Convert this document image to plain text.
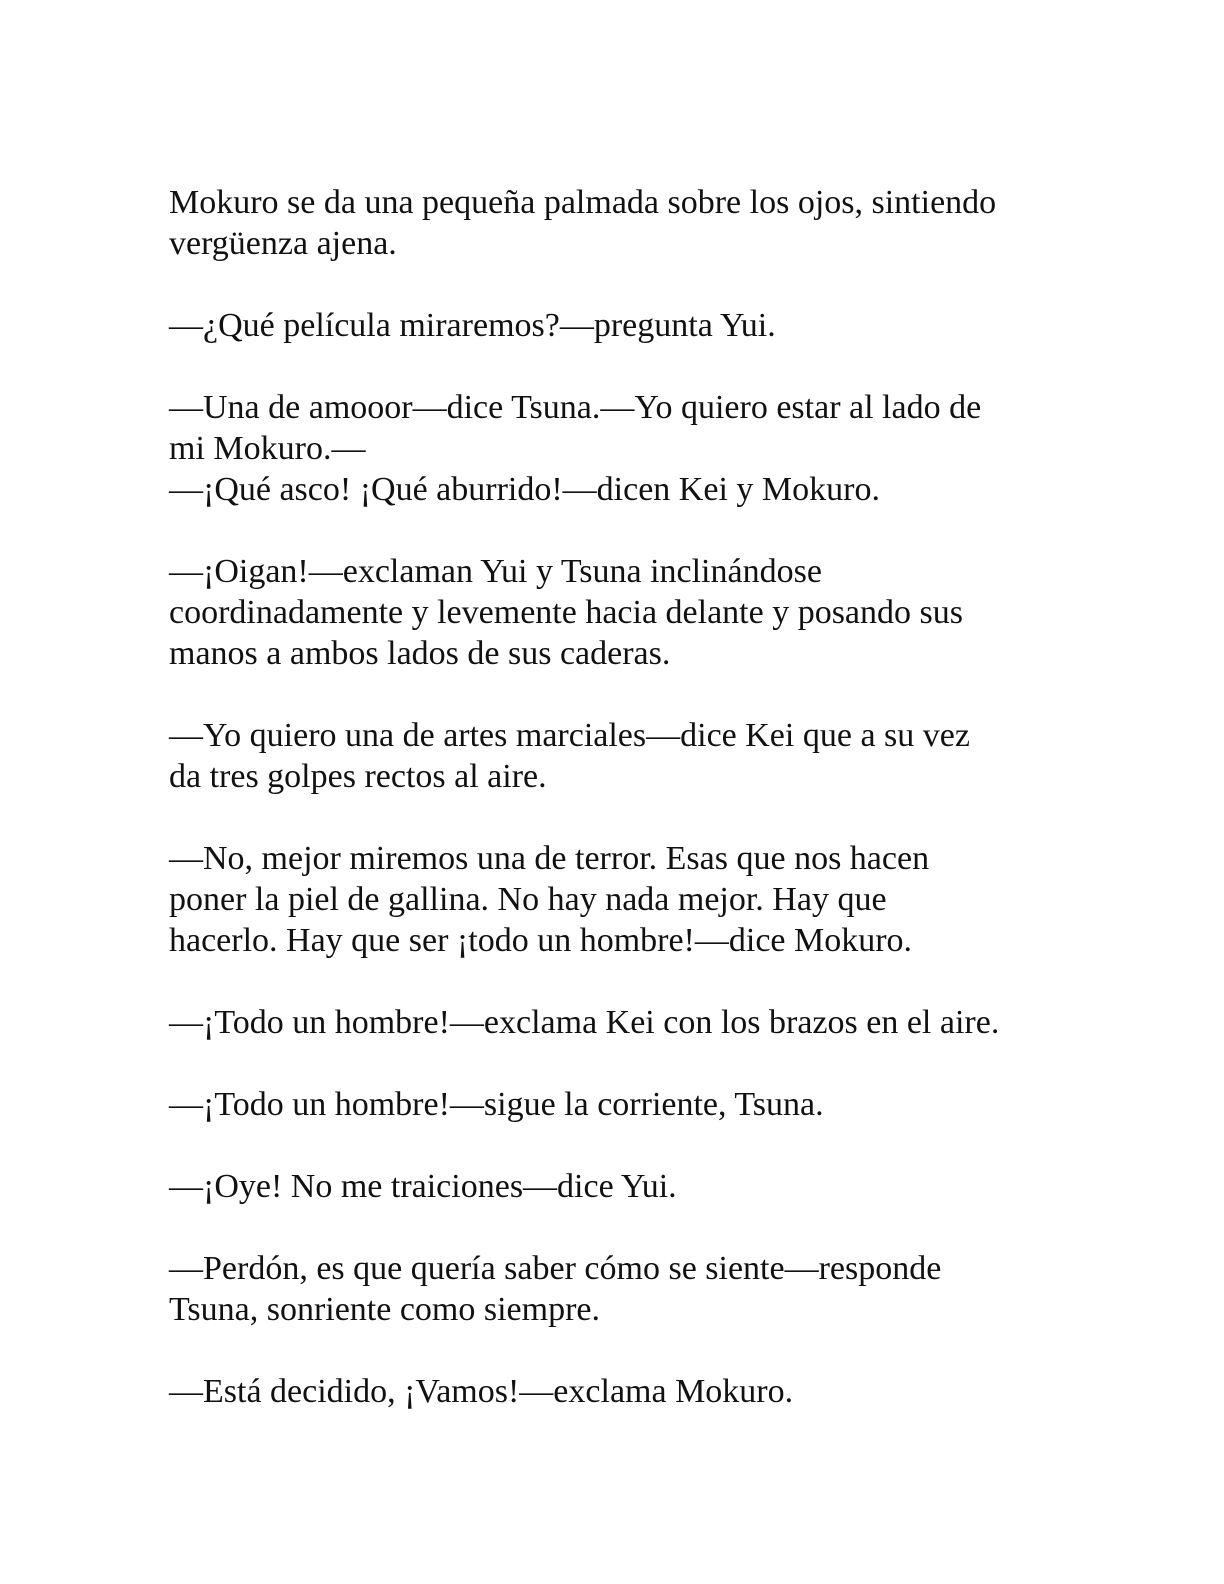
Mokuro se da una pequeña palmada sobre los ojos, sintiendo
vergüenza ajena.

—¿Qué película miraremos?—pregunta Yui.

—Una de amooor—dice Tsuna.—Yo quiero estar al lado de
mi Mokuro.—
—¡Qué asco! ¡Qué aburrido!—dicen Kei y Mokuro.

—¡Oigan!—exclaman Yui y Tsuna inclinándose
coordinadamente y levemente hacia delante y posando sus
manos a ambos lados de sus caderas.

—Yo quiero una de artes marciales—dice Kei que a su vez
da tres golpes rectos al aire.

—No, mejor miremos una de terror. Esas que nos hacen
poner la piel de gallina. No hay nada mejor. Hay que
hacerlo. Hay que ser ¡todo un hombre!—dice Mokuro.

—¡Todo un hombre!—exclama Kei con los brazos en el aire.

—¡Todo un hombre!—sigue la corriente, Tsuna.

—¡Oye! No me traiciones—dice Yui.

—Perdón, es que quería saber cómo se siente—responde
Tsuna, sonriente como siempre.

—Está decidido, ¡Vamos!—exclama Mokuro.
